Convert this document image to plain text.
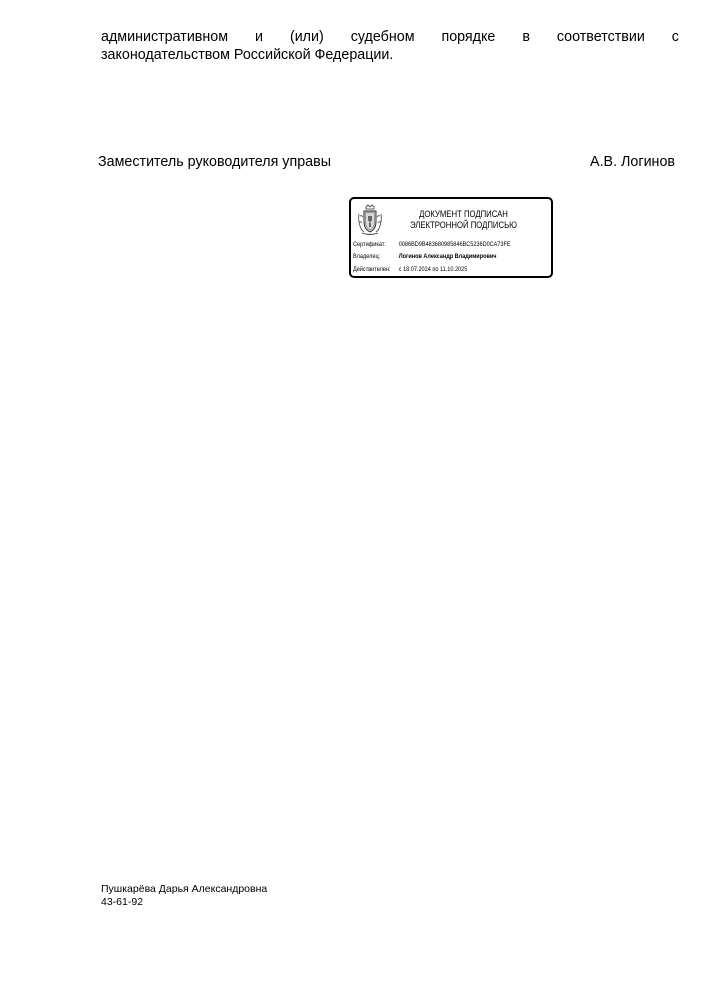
административном и (или) судебном порядке в соответствии с
законодательством Российской Федерации.
Заместитель руководителя управы	А.В. Логинов
ДОКУМЕНТ ПОДПИСАН
ЭЛЕКТРОННОЙ ПОДПИСЬЮ
Сертификат: 0086BD9B483680985846BC5236D0CA73FE
Владелец:	Логинов Александр Владимирович
Действителен: с 18.07.2024 по 11.10.2025
Пушкарёва Дарья Александровна
43-61-92
